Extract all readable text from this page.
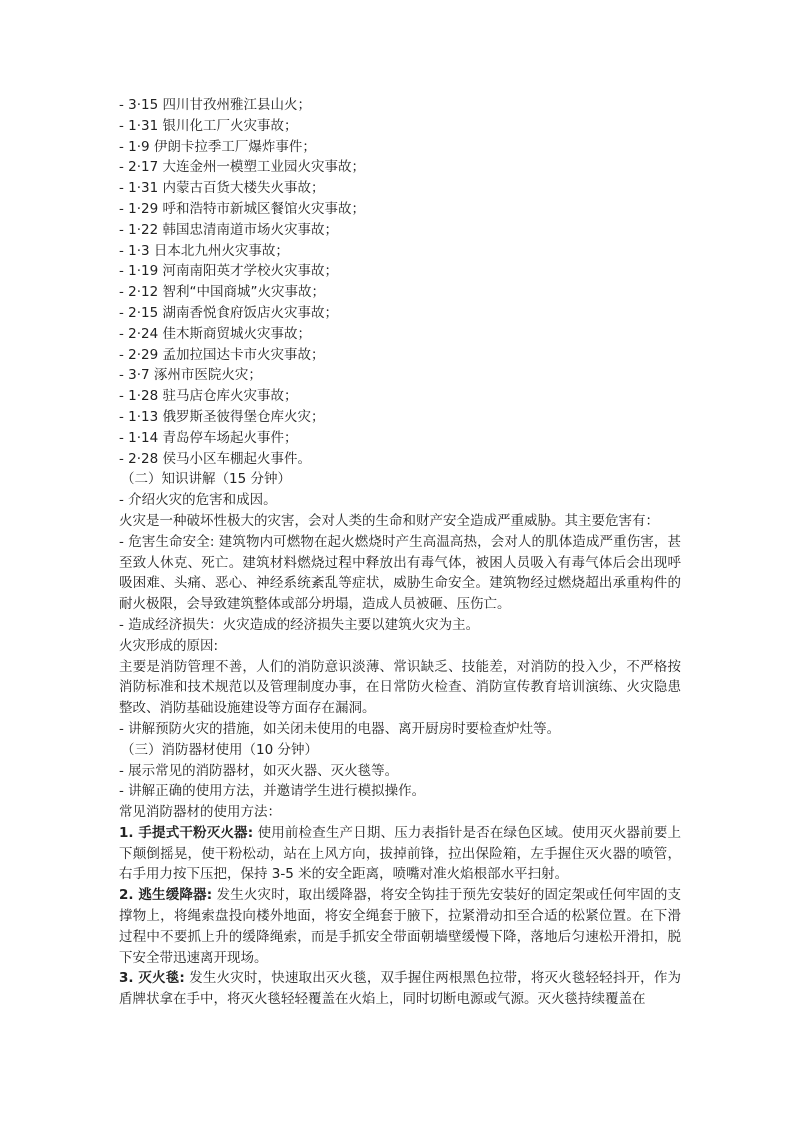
- 3·15 四川甘孜州雅江县山火；
- 1·31 银川化工厂火灾事故；
- 1·9 伊朗卡拉季工厂爆炸事件；
- 2·17 大连金州一模塑工业园火灾事故；
- 1·31 内蒙古百货大楼失火事故；
- 1·29 呼和浩特市新城区餐馆火灾事故；
- 1·22 韩国忠清南道市场火灾事故；
- 1·3 日本北九州火灾事故；
- 1·19 河南南阳英才学校火灾事故；
- 2·12 智利“中国商城”火灾事故；
- 2·15 湖南香悦食府饭店火灾事故；
- 2·24 佳木斯商贸城火灾事故；
- 2·29 孟加拉国达卡市火灾事故；
- 3·7 涿州市医院火灾；
- 1·28 驻马店仓库火灾事故；
- 1·13 俄罗斯圣彼得堡仓库火灾；
- 1·14 青岛停车场起火事件；
- 2·28 侯马小区车棚起火事件。
（二）知识讲解（15 分钟）
- 介绍火灾的危害和成因。
火灾是一种破坏性极大的灾害，会对人类的生命和财产安全造成严重威胁。其主要危害有：
- 危害生命安全: 建筑物内可燃物在起火燃烧时产生高温高热，会对人的肌体造成严重伤害，甚至致人休克、死亡。建筑材料燃烧过程中释放出有毒气体，被困人员吸入有毒气体后会出现呼吸困难、头痛、恶心、神经系统紊乱等症状，威胁生命安全。建筑物经过燃烧超出承重构件的耐火极限，会导致建筑整体或部分坍塌，造成人员被砸、压伤亡。
- 造成经济损失：火灾造成的经济损失主要以建筑火灾为主。
火灾形成的原因:
主要是消防管理不善，人们的消防意识淡薄、常识缺乏、技能差，对消防的投入少，不严格按消防标准和技术规范以及管理制度办事，在日常防火检查、消防宣传教育培训演练、火灾隐患整改、消防基础设施建设等方面存在漏洞。
- 讲解预防火灾的措施，如关闭未使用的电器、离开厨房时要检查炉灶等。
（三）消防器材使用（10 分钟）
- 展示常见的消防器材，如灭火器、灭火毯等。
- 讲解正确的使用方法，并邀请学生进行模拟操作。
常见消防器材的使用方法：
1. 手提式干粉灭火器: 使用前检查生产日期、压力表指针是否在绿色区域。使用灭火器前要上下颠倒摇晃，使干粉松动，站在上风方向，拔掉前锋，拉出保险箱，左手握住灭火器的喷管，右手用力按下压把，保持 3-5 米的安全距离，喷嘴对准火焰根部水平扫射。
2. 逃生缓降器: 发生火灾时，取出缓降器，将安全钩挂于预先安装好的固定架或任何牢固的支撑物上，将绳索盘投向楼外地面，将安全绳套于腋下，拉紧滑动扣至合适的松紧位置。在下滑过程中不要抓上升的缓降绳索，而是手抓安全带面朝墙壁缓慢下降，落地后匀速松开滑扣，脱下安全带迅速离开现场。
3. 灭火毯: 发生火灾时，快速取出灭火毯，双手握住两根黑色拉带，将灭火毯轻轻抖开，作为盾牌状拿在手中，将灭火毯轻轻覆盖在火焰上，同时切断电源或气源。灭火毯持续覆盖在
